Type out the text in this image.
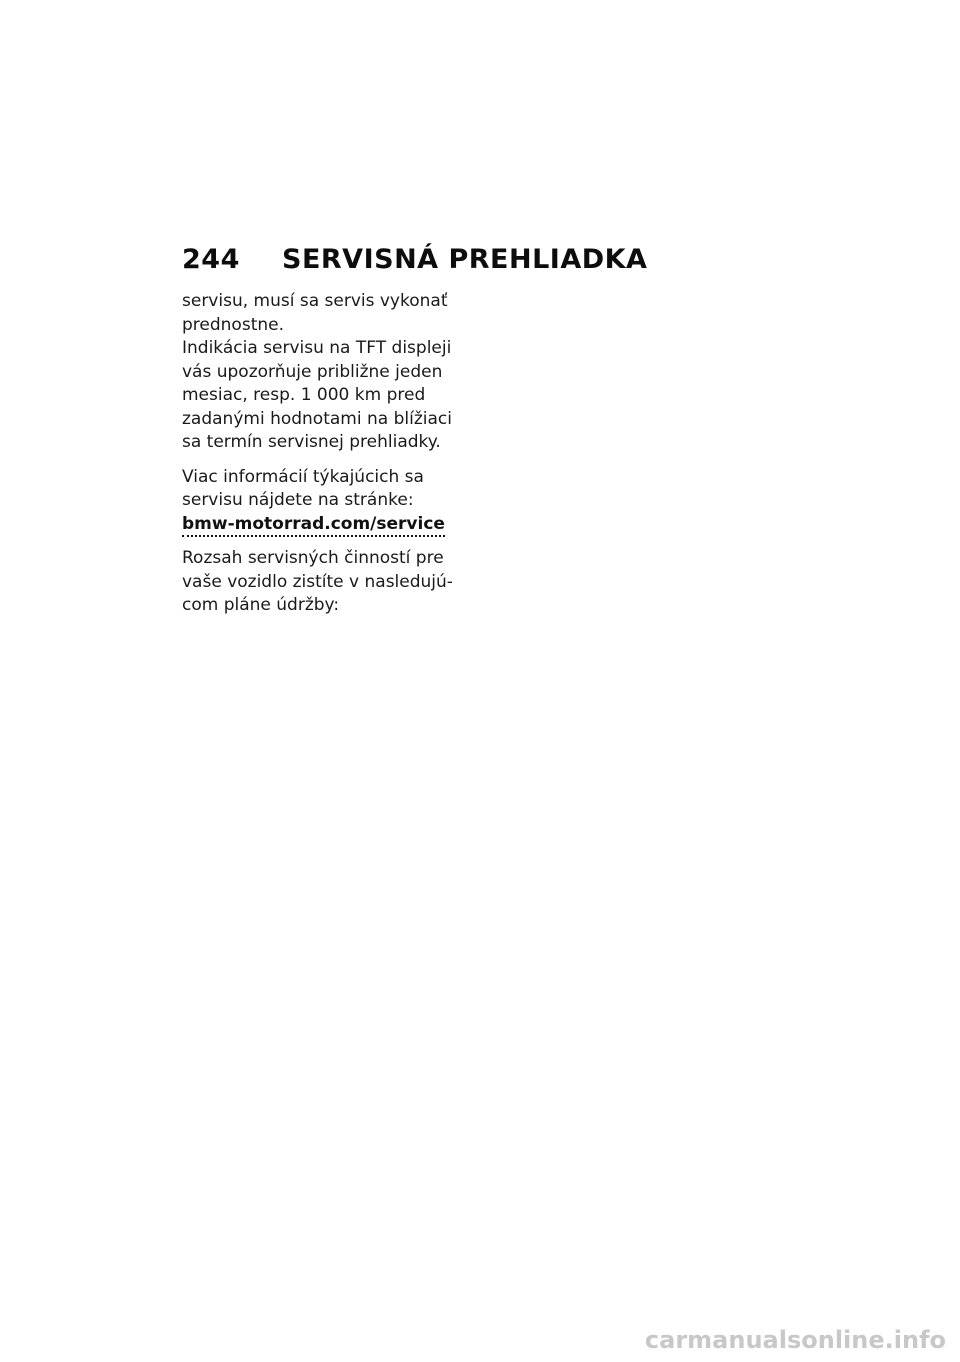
244	SERVISNÁ PREHLIADKA

servisu, musí sa servis vykonať

prednostne.

Indikácia servisu na TFT displeji

vás upozorňuje približne jeden

mesiac, resp. 1 000 km pred

zadanými hodnotami na blížiaci

sa termín servisnej prehliadky.

Viac informácií týkajúcich sa

servisu nájdete na stránke:

bmw-motorrad.com/service

Rozsah servisných činností pre

vaše vozidlo zistíte v nasledujú-

com pláne údržby:

carmanualsonline.info
